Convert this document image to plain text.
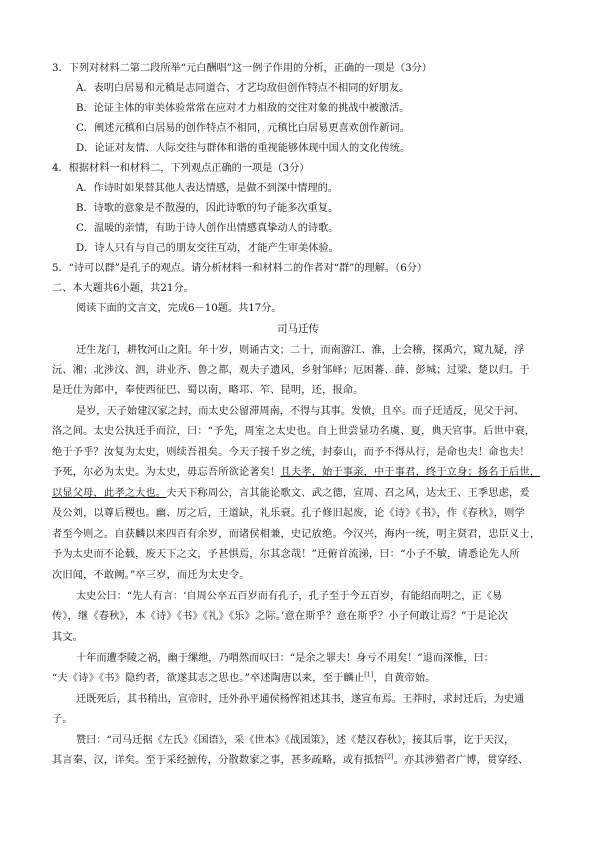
3．下列对材料二第二段所举“元白酬唱”这一例子作用的分析，正确的一项是（3分）
A．表明白居易和元稹是志同道合、才艺均敌但创作特点不相同的好朋友。
B．论证主体的审美体验常常在应对才力相敌的交往对象的挑战中被激活。
C．阐述元稹和白居易的创作特点不相同，元稹比白居易更喜欢创作新词。
D．论证对友情、人际交往与群体和谐的重视能够体现中国人的文化传统。
4．根据材料一和材料二，下列观点正确的一项是（3分）
A．作诗时如果替其他人表达情感，是做不到深中情理的。
B．诗歌的意象是不散漫的，因此诗歌的句子能多次重复。
C．温暖的亲情，有助于诗人创作出情感真挚动人的诗歌。
D．诗人只有与自己的朋友交往互动，才能产生审美体验。
5．“诗可以群”是孔子的观点。请分析材料一和材料二的作者对“群”的理解。（6分）
二、本大题共6小题，共21分。
阅读下面的文言文，完成6－10题。共17分。
司马迁传
迁生龙门，耕牧河山之阳。年十岁，则诵古文；二十，而南游江、淮，上会稽，探禹穴，窥九疑，浮
沅、湘；北涉汶、泗，讲业齐、鲁之都，观夫子遗风，乡射邹峄；厄困蕃、薛、彭城；过梁、楚以归。于
是迁仕为郎中，奉使西征巴、蜀以南，略邛、笮、昆明，还，报命。
是岁，天子始建汉家之封，而太史公留滞周南，不得与其事。发愤，且卒。而子迁适反，见父于河、
洛之间。太史公执迁手而泣，曰：“予先，周室之太史也。自上世尝显功名虞、夏，典天官事。后世中衰，
绝于予乎？汝复为太史，则续吾祖矣。今天子接千岁之统，封泰山，而予不得从行，是命也夫！命也夫！
予死，尔必为太史。为太史，毋忘吾所欲论著矣！且夫孝，始于事亲，中于事君，终于立身；扬名于后世，
以显父母，此孝之大也。夫天下称周公，言其能论歌文、武之德，宣周、召之风，达太王、王季思虑，爰
及公刘，以尊后稷也。幽、厉之后，王道缺，礼乐衰。孔子修旧起废，论《诗》《书》，作《春秋》，则学
者至今则之。自获麟以来四百有余岁，而诸侯相兼，史记放绝。今汉兴，海内一统，明主贤君，忠臣义士，
予为太史而不论载，废天下之文，予甚惧焉，尔其念哉！”迁俯首流涕，曰：“小子不敏，请悉论先人所
次旧闻，不敢阙。”卒三岁，而迁为太史令。
太史公曰：“先人有言：‘自周公卒五百岁而有孔子，孔子至于今五百岁，有能绍而明之，正《易
传》，继《春秋》，本《诗》《书》《礼》《乐》之际。’意在斯乎？意在斯乎？小子何敢让焉？”于是论次
其文。
十年而遭李陵之祸，幽于缧绁，乃喟然而叹曰：“是余之罪夫！身亏不用矣！”退而深惟，曰：
“夫《诗》《书》隐约者，欲遂其志之思也。”卒述陶唐以来，至于麟止[1]，自黄帝始。
迁既死后，其书稍出，宣帝时，迁外孙平通侯杨恽祖述其书，遂宣布焉。王莽时，求封迁后，为史通
子。
赞曰：“司马迁据《左氏》《国语》，采《世本》《战国策》，述《楚汉春秋》，接其后事，讫于天汉，
其言秦、汉，详矣。至于采经摭传，分散数家之事，甚多疏略，或有抵牾[2]。亦其涉猎者广博，贯穿经、
